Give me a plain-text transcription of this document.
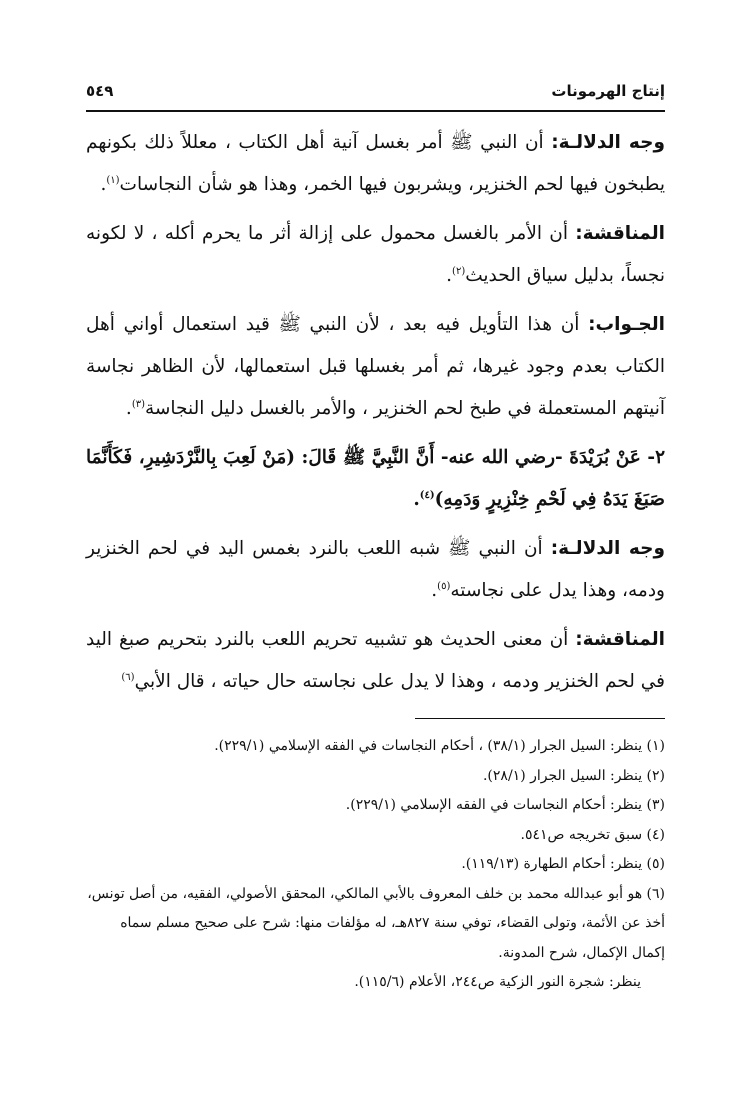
٥٤٩	إنتاج الهرمونات

وجه الدلالـة: أن النبي ﷺ أمر بغسل آنية أهل الكتاب ، معللاً ذلك بكونهم يطبخون فيها لحم الخنزير، ويشربون فيها الخمر، وهذا هو شأن النجاسات$^{(١)}$.

المناقشة: أن الأمر بالغسل محمول على إزالة أثر ما يحرم أكله ، لا لكونه نجساً، بدليل سياق الحديث$^{(٢)}$.

الجـواب: أن هذا التأويل فيه بعد ، لأن النبي ﷺ قيد استعمال أواني أهل الكتاب بعدم وجود غيرها، ثم أمر بغسلها قبل استعمالها، لأن الظاهر نجاسة آنيتهم المستعملة في طبخ لحم الخنزير ، والأمر بالغسل دليل النجاسة$^{(٣)}$.

٢- عَنْ بُرَيْدَةَ -رضي الله عنه- أَنَّ النَّبِيَّ ﷺ قَالَ: (مَنْ لَعِبَ بِالنَّرْدَشِيرِ، فَكَأَنَّمَا صَبَغَ يَدَهُ فِي لَحْمِ خِنْزِيرٍ وَدَمِهِ)$^{(٤)}$.

وجه الدلالـة: أن النبي ﷺ شبه اللعب بالنرد بغمس اليد في لحم الخنزير ودمه، وهذا يدل على نجاسته$^{(٥)}$.

المناقشة: أن معنى الحديث هو تشبيه تحريم اللعب بالنرد بتحريم صبغ اليد في لحم الخنزير ودمه ، وهذا لا يدل على نجاسته حال حياته ، قال الأبي$^{(٦)}$

(١) ينظر: السيل الجرار (٣٨/١) ، أحكام النجاسات في الفقه الإسلامي (٢٢٩/١).

(٢) ينظر: السيل الجرار (٢٨/١).

(٣) ينظر: أحكام النجاسات في الفقه الإسلامي (٢٢٩/١).

(٤) سبق تخريجه ص٥٤١.

(٥) ينظر: أحكام الطهارة (١١٩/١٣).

(٦) هو أبو عبدالله محمد بن خلف المعروف بالأبي المالكي، المحقق الأصولي، الفقيه، من أصل تونس، أخذ عن الأئمة، وتولى القضاء، توفي سنة ٨٢٧هـ، له مؤلفات منها: شرح على صحيح مسلم سماه إكمال الإكمال، شرح المدونة.

ينظر: شجرة النور الزكية ص٢٤٤، الأعلام (١١٥/٦).
